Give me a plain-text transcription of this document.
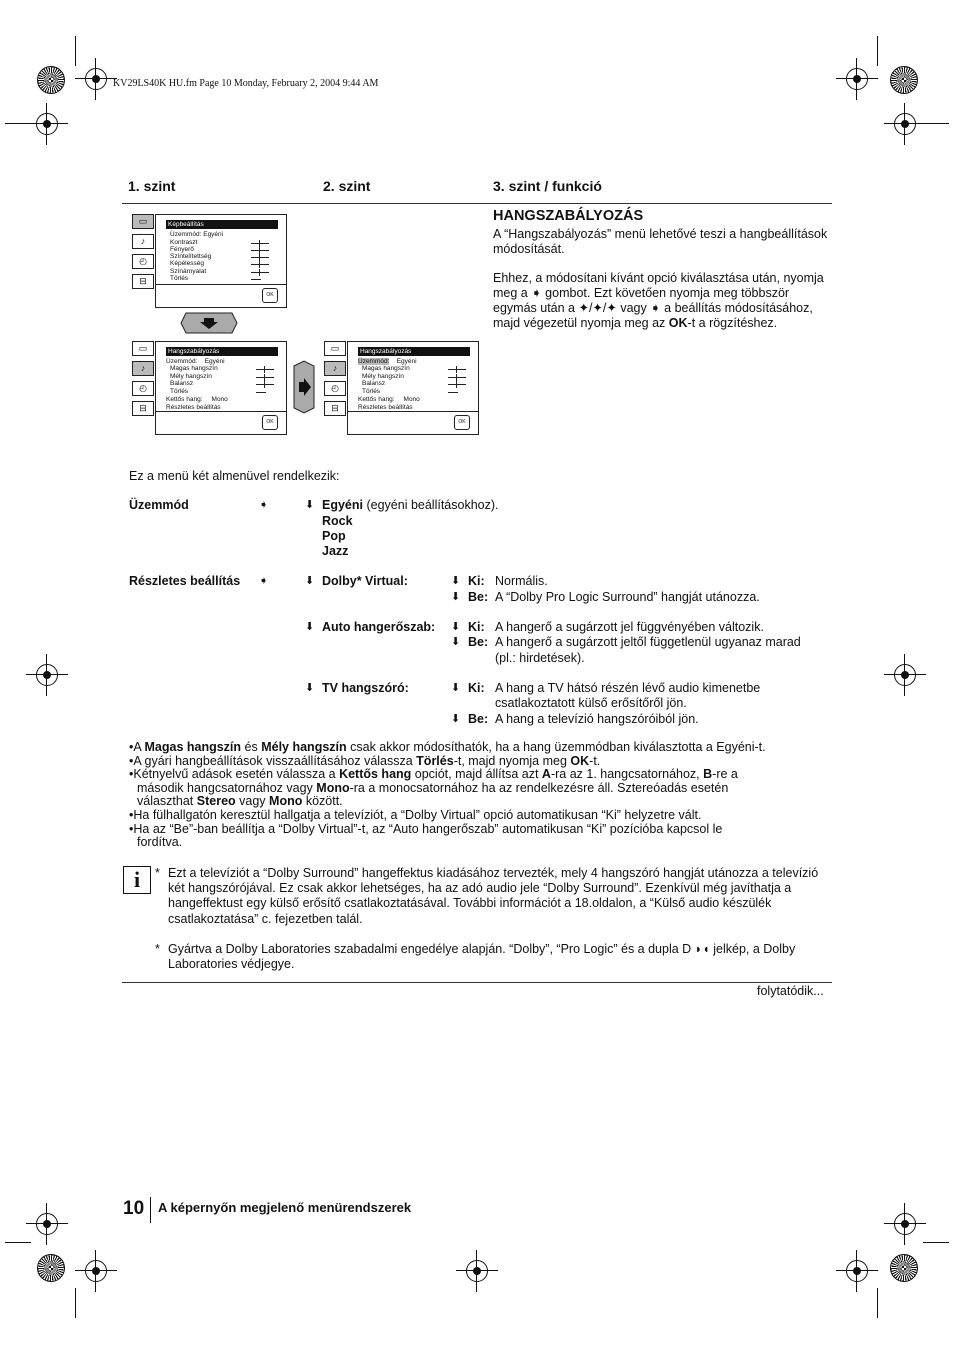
KV29LS40K HU.fm Page 10 Monday, February 2, 2004 9:44 AM
1. szint	2. szint	3. szint / funkció
HANGSZABÁLYOZÁS
A “Hangszabályozás” menü lehetővé teszi a hangbeállítások módosítását.
Ehhez, a módosítani kívánt opció kiválasztása után, nyomja meg a ➧ gombot. Ezt követően nyomja meg többször egymás után a ✦/✦/✦ vagy ➧ a beállítás módosításához, majd végezetül nyomja meg az OK-t a rögzítéshez.
▭
♪
◴
⊟
Képbeállítás
Üzemmód: Egyéni
Kontraszt
Fényerő
Színtelítettség
Képélesség
Színárnyalat
Törlés
OK
▭
♪
◴
⊟
Hangszabályozás
Üzemmód: Egyéni
Magas hangszín
Mély hangszín
Balansz
Törlés
Kettős hang: Mono
Részletes beállítás
OK
▭
♪
◴
⊟
Hangszabályozás
Üzemmód: Egyéni
Magas hangszín
Mély hangszín
Balansz
Törlés
Kettős hang: Mono
Részletes beállítás
OK
Ez a menü két almenüvel rendelkezik:
Üzemmód	➧	⬇ Egyéni (egyéni beállításokhoz).
Rock
Pop
Jazz
Részletes beállítás ➧	⬇ Dolby* Virtual:	⬇ Ki: Normális.
⬇ Be: A “Dolby Pro Logic Surround” hangját utánozza.
⬇ Auto hangerőszab: ⬇ Ki: A hangerő a sugárzott jel függvényében változik.
⬇ Be: A hangerő a sugárzott jeltől függetlenül ugyanaz marad
(pl.: hirdetések).
⬇ TV hangszóró:	⬇ Ki: A hang a TV hátsó részén lévő audio kimenetbe
csatlakoztatott külső erősítőről jön.
⬇ Be: A hang a televízió hangszóróiból jön.

•A Magas hangszín és Mély hangszín csak akkor módosíthatók, ha a hang üzemmódban kiválasztotta a Egyéni-t.

•A gyári hangbeállítások visszaállításához válassza Törlés-t, majd nyomja meg OK-t.

•Kétnyelvű adások esetén válassza a Kettős hang opciót, majd állítsa azt A-ra az 1. hangcsatornához, B-re a

második hangcsatornához vagy Mono-ra a monocsatornához ha az rendelkezésre áll. Sztereóadás esetén

választhat Stereo vagy Mono között.

•Ha fülhallgatón keresztül hallgatja a televíziót, a “Dolby Virtual” opció automatikusan “Ki” helyzetre vált.

•Ha az “Be”-ban beállítja a “Dolby Virtual”-t, az “Auto hangerőszab” automatikusan “Ki” pozícióba kapcsol le

fordítva.

i	* Ezt a televíziót a “Dolby Surround” hangeffektus kiadásához tervezték, mely 4 hangszóró hangját utánozza a televízió két hangszórójával. Ez csak akkor lehetséges, ha az adó audio jele “Dolby Surround”. Ezenkívül még javíthatja a hangeffektust egy külső erősítő csatlakoztatásával. További információt a 18.oldalon, a “Külső audio készülék csatlakoztatása” c. fejezetben talál.
* Gyártva a Dolby Laboratories szabadalmi engedélye alapján. “Dolby”, “Pro Logic” és a dupla D ◗◖ jelkép, a Dolby Laboratories védjegye.
folytatódik...
10 A képernyőn megjelenő menürendszerek
